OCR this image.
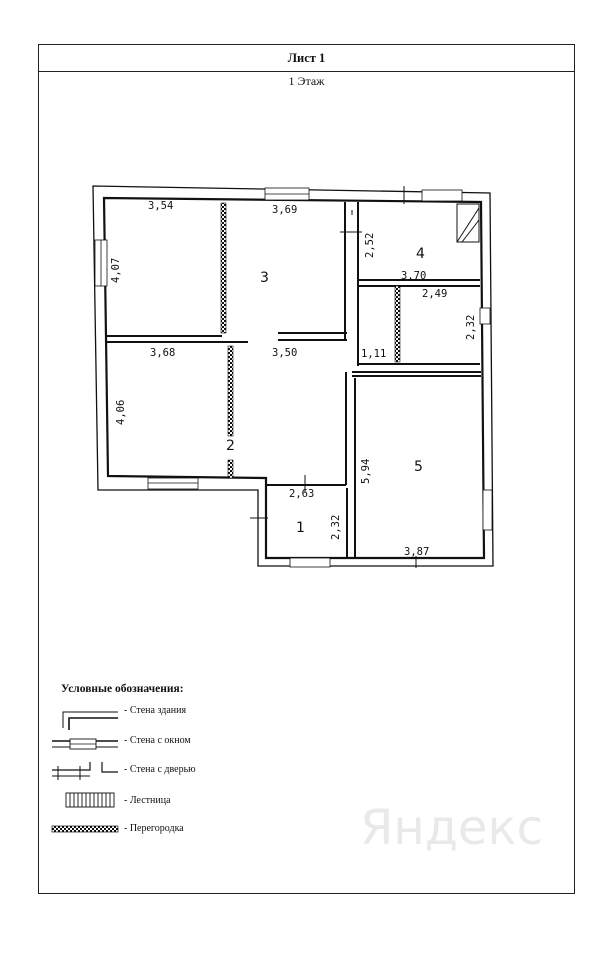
Лист 1
1 Этаж
Яндекс
3,54
4,07
3,69
2,52
3,70
2,49
2,32
1,11
3,68	3,50
4,06
5,94
2,63
2,32
3,87
1
2
3
4
5
Условные обозначения:
- Стена здания
- Стена с окном
- Стена с дверью
- Лестница
- Перегородка
